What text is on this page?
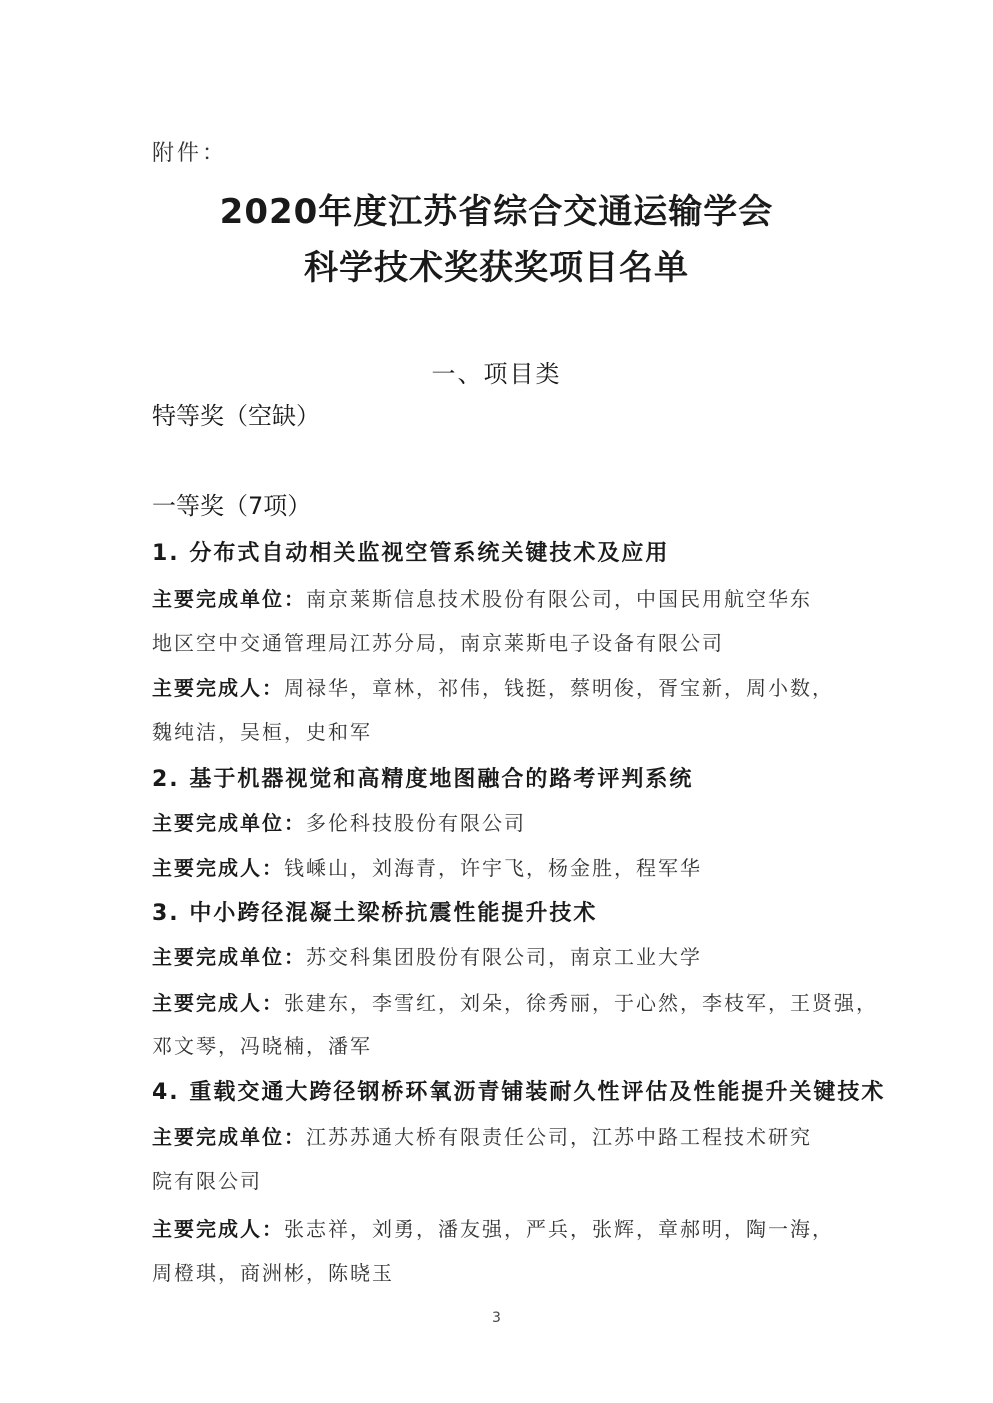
附件：
2020年度江苏省综合交通运输学会
科学技术奖获奖项目名单
一、项目类
特等奖（空缺）
一等奖（7项）
1. 分布式自动相关监视空管系统关键技术及应用
主要完成单位：南京莱斯信息技术股份有限公司，中国民用航空华东
地区空中交通管理局江苏分局，南京莱斯电子设备有限公司
主要完成人：周禄华，章林，祁伟，钱挺，蔡明俊，胥宝新，周小数，
魏纯洁，吴桓，史和军
2. 基于机器视觉和高精度地图融合的路考评判系统
主要完成单位：多伦科技股份有限公司
主要完成人：钱嵊山，刘海青，许宇飞，杨金胜，程军华
3. 中小跨径混凝土梁桥抗震性能提升技术
主要完成单位：苏交科集团股份有限公司，南京工业大学
主要完成人：张建东，李雪红，刘朵，徐秀丽，于心然，李枝军，王贤强，
邓文琴，冯晓楠，潘军
4. 重载交通大跨径钢桥环氧沥青铺装耐久性评估及性能提升关键技术
主要完成单位：江苏苏通大桥有限责任公司，江苏中路工程技术研究
院有限公司
主要完成人：张志祥，刘勇，潘友强，严兵，张辉，章郝明，陶一海，
周橙琪，商洲彬，陈晓玉
3
